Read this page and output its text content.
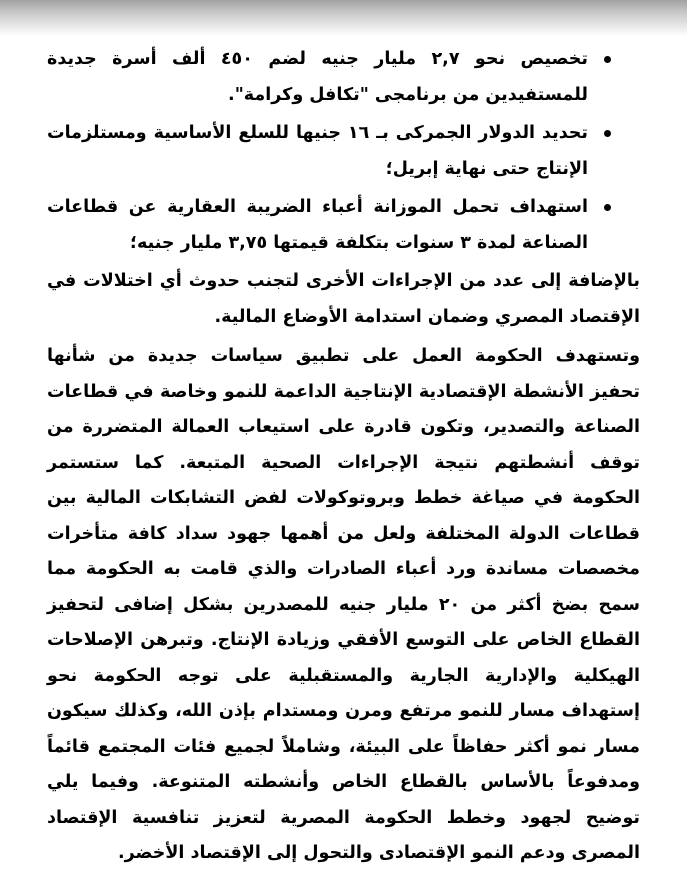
تخصيص نحو ٢,٧ مليار جنيه لضم ٤٥٠ ألف أسرة جديدة للمستفيدين من برنامجى "تكافل وكرامة".
تحديد الدولار الجمركى بـ ١٦ جنيها للسلع الأساسية ومستلزمات الإنتاج حتى نهاية إبريل؛
استهداف تحمل الموزانة أعباء الضريبة العقارية عن قطاعات الصناعة لمدة ٣ سنوات بتكلفة قيمتها ٣,٧٥ مليار جنيه؛

بالإضافة إلى عدد من الإجراءات الأخرى لتجنب حدوث أي اختلالات في الإقتصاد المصري وضمان استدامة الأوضاع المالية.

وتستهدف الحكومة العمل على تطبيق سياسات جديدة من شأنها تحفيز الأنشطة الإقتصادية الإنتاجية الداعمة للنمو وخاصة في قطاعات الصناعة والتصدير، وتكون قادرة على استيعاب العمالة المتضررة من توقف أنشطتهم نتيجة الإجراءات الصحية المتبعة. كما ستستمر الحكومة في صياغة خطط وبروتوكولات لفض التشابكات المالية بين قطاعات الدولة المختلفة ولعل من أهمها جهود سداد كافة متأخرات مخصصات مساندة ورد أعباء الصادرات والذي قامت به الحكومة مما سمح بضخ أكثر من ٢٠ مليار جنيه للمصدرين بشكل إضافى لتحفيز القطاع الخاص على التوسع الأفقي وزيادة الإنتاج. وتبرهن الإصلاحات الهيكلية والإدارية الجارية والمستقبلية على توجه الحكومة نحو إستهداف مسار للنمو مرتفع ومرن ومستدام بإذن الله، وكذلك سيكون مسار نمو أكثر حفاظاً على البيئة، وشاملاً لجميع فئات المجتمع قائماً ومدفوعاً بالأساس بالقطاع الخاص وأنشطته المتنوعة. وفيما يلي توضيح لجهود وخطط الحكومة المصرية لتعزيز تنافسية الإقتصاد المصرى ودعم النمو الإقتصادى والتحول إلى الإقتصاد الأخضر.
